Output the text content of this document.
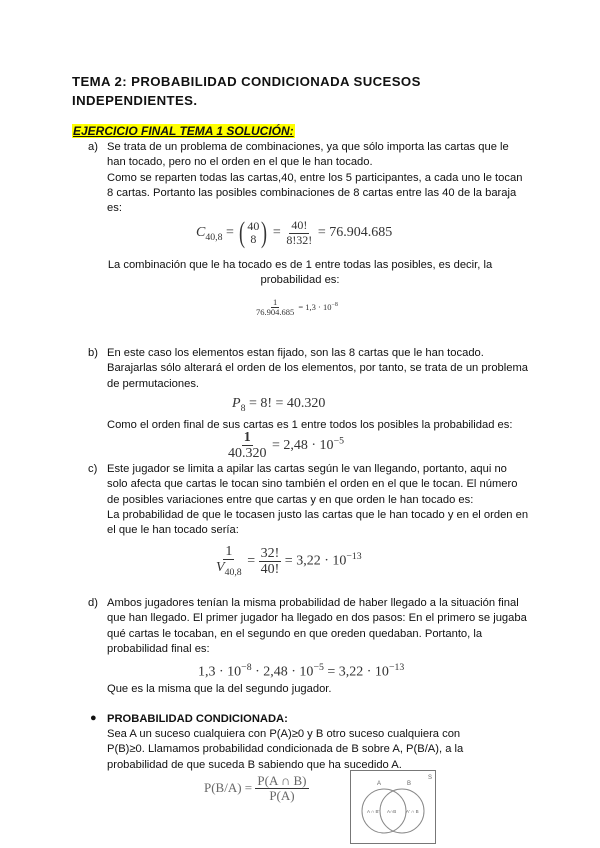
TEMA 2: PROBABILIDAD CONDICIONADA SUCESOS
INDEPENDIENTES.
EJERCICIO FINAL TEMA 1 SOLUCIÓN:
a) Se trata de un problema de combinaciones, ya que sólo importa las cartas que le
han tocado, pero no el orden en el que le han tocado.
Como se reparten todas las cartas,40, entre los 5 participantes, a cada uno le tocan
8 cartas. Portanto las posibles combinaciones de 8 cartas entre las 40 de la baraja
es:
$C_{40,8}$ = ( 40
8 ) = $\frac{40!}{8!32!} = 76.904.685$
La combinación que le ha tocado es de 1 entre todas las posibles, es decir, la
probabilidad es:
$\frac{1}{76.904.685} = 1,3 \cdot 10^{-8}$
b) En este caso los elementos estan fijado, son las 8 cartas que le han tocado.
Barajarlas sólo alterará el orden de los elementos, por tanto, se trata de un problema
de permutaciones.
$P_8 = 8$! = 40.320
Como el orden final de sus cartas es 1 entre todos los posibles la probabilidad es:
$\frac{1}{40.320} = 2,48 \cdot 10^{-5}$
c) Este jugador se limita a apilar las cartas según le van llegando, portanto, aqui no
solo afecta que cartas le tocan sino también el orden en el que le tocan. El número
de posibles variaciones entre que cartas y en que orden le han tocado es:
La probabilidad de que le tocasen justo las cartas que le han tocado y en el orden en
el que le han tocado sería:
$\frac{1}{V_{40,8}} = \frac{32!}{40!} = 3,22 \cdot 10^{-13}$
d) Ambos jugadores tenían la misma probabilidad de haber llegado a la situación final
que han llegado. El primer jugador ha llegado en dos pasos: En el primero se jugaba
qué cartas le tocaban, en el segundo en que oreden quedaban. Portanto, la
probabilidad final es:
$1,3 \cdot 10^{-8} \cdot 2,48 \cdot 10^{-5} = 3,22 \cdot 10^{-13}$
Que es la misma que la del segundo jugador.
● PROBABILIDAD CONDICIONADA:
Sea A un suceso cualquiera con P(A)≥0 y B otro suceso cualquiera con
P(B)≥0. Llamamos probabilidad condicionada de B sobre A, P(B/A), a la
probabilidad de que suceda B sabiendo que ha sucedido A.
$P(B/A) = \frac{P(A \cap B)}{P(A)}$	A	B
S
A ∩ B' A∩B A' ∩ B
